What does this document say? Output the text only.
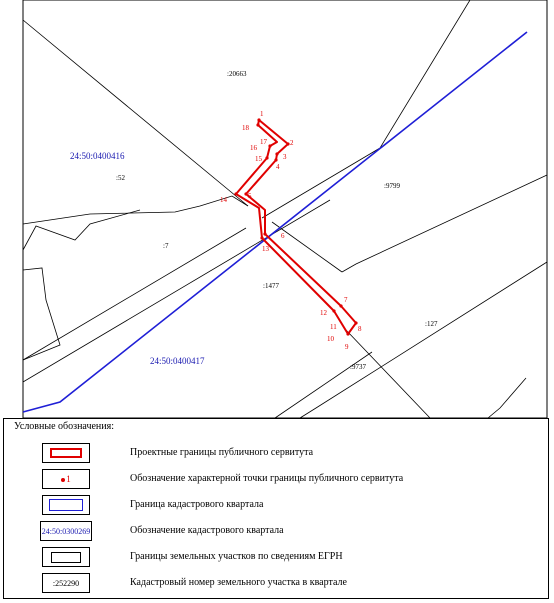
1
2
3
4
5
6
7
8
9
10
11
12
13
14
15
16
17
18
24:50:0400416
24:50:0400417
:20663
:52
:9799
:7
:1477
:127
:9737
Условные обозначения:
Проектные границы публичного сервитута
1	Обозначение характерной точки границы публичного сервитута
Граница кадастрового квартала
24:50:0300269	Обозначение кадастрового квартала
Границы земельных участков по сведениям ЕГРН
:252290	Кадастровый номер земельного участка в квартале
